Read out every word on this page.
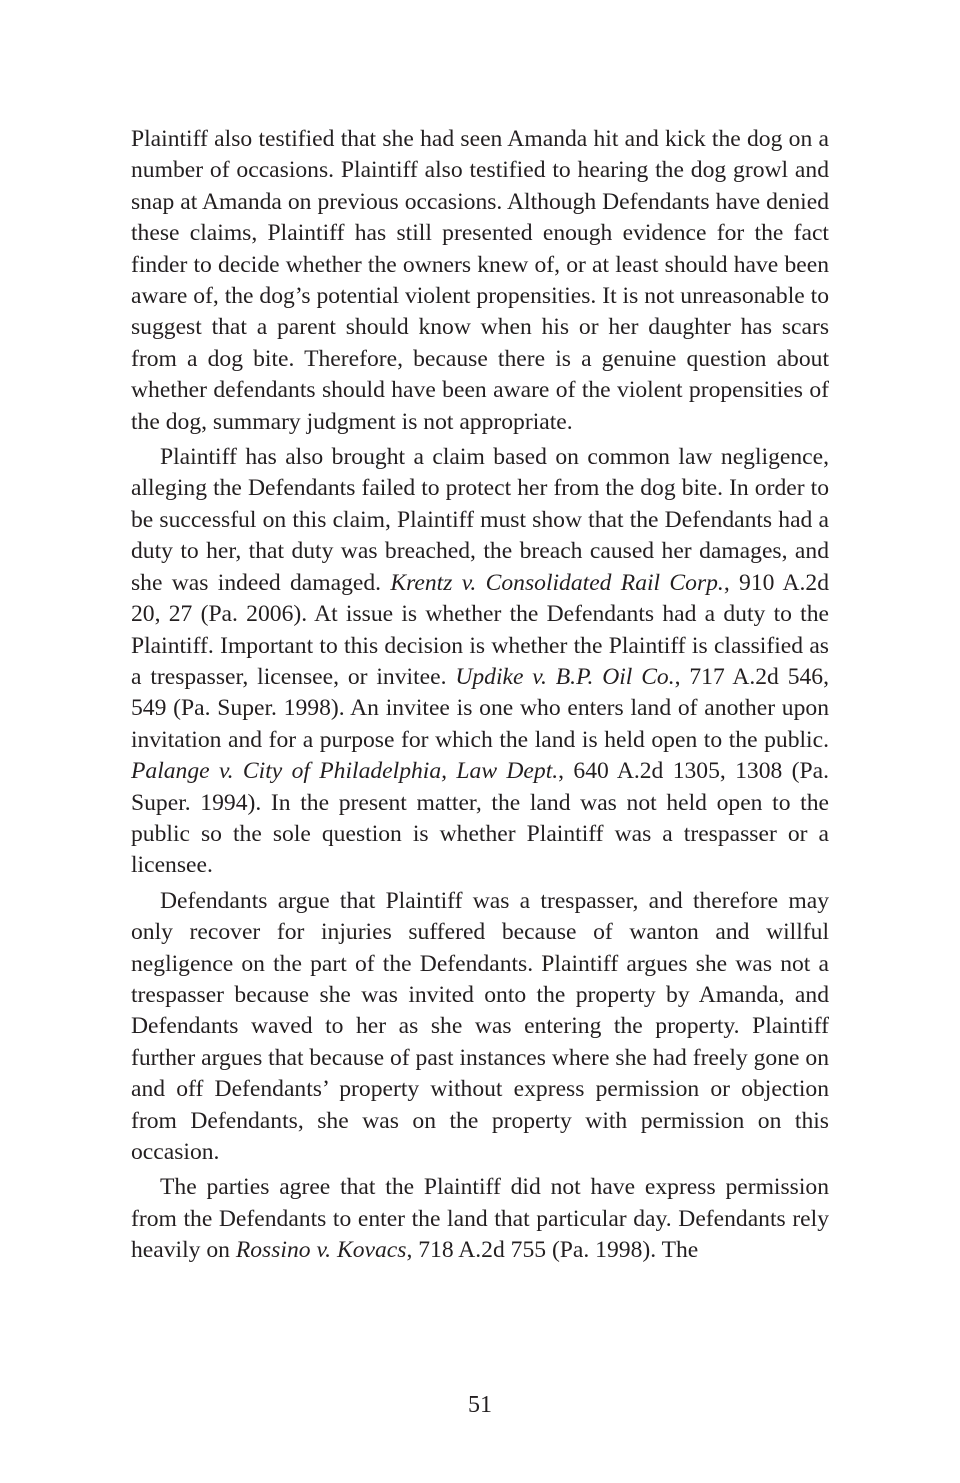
Plaintiff also testified that she had seen Amanda hit and kick the dog on a number of occasions. Plaintiff also testified to hearing the dog growl and snap at Amanda on previous occasions. Although Defendants have denied these claims, Plaintiff has still presented enough evidence for the fact finder to decide whether the owners knew of, or at least should have been aware of, the dog’s potential violent propensities. It is not unreasonable to suggest that a parent should know when his or her daughter has scars from a dog bite. Therefore, because there is a genuine question about whether defendants should have been aware of the violent propensities of the dog, summary judgment is not appropriate.

Plaintiff has also brought a claim based on common law negligence, alleging the Defendants failed to protect her from the dog bite. In order to be successful on this claim, Plaintiff must show that the Defendants had a duty to her, that duty was breached, the breach caused her damages, and she was indeed damaged. Krentz v. Consolidated Rail Corp., 910 A.2d 20, 27 (Pa. 2006). At issue is whether the Defendants had a duty to the Plaintiff. Important to this decision is whether the Plaintiff is classified as a trespasser, licensee, or invitee. Updike v. B.P. Oil Co., 717 A.2d 546, 549 (Pa. Super. 1998). An invitee is one who enters land of another upon invitation and for a purpose for which the land is held open to the public. Palange v. City of Philadelphia, Law Dept., 640 A.2d 1305, 1308 (Pa. Super. 1994). In the present matter, the land was not held open to the public so the sole question is whether Plaintiff was a trespasser or a licensee.

Defendants argue that Plaintiff was a trespasser, and therefore may only recover for injuries suffered because of wanton and willful negligence on the part of the Defendants. Plaintiff argues she was not a trespasser because she was invited onto the property by Amanda, and Defendants waved to her as she was entering the property. Plaintiff further argues that because of past instances where she had freely gone on and off Defendants’ property without express permission or objection from Defendants, she was on the property with permission on this occasion.

The parties agree that the Plaintiff did not have express permission from the Defendants to enter the land that particular day. Defendants rely heavily on Rossino v. Kovacs, 718 A.2d 755 (Pa. 1998). The

51
